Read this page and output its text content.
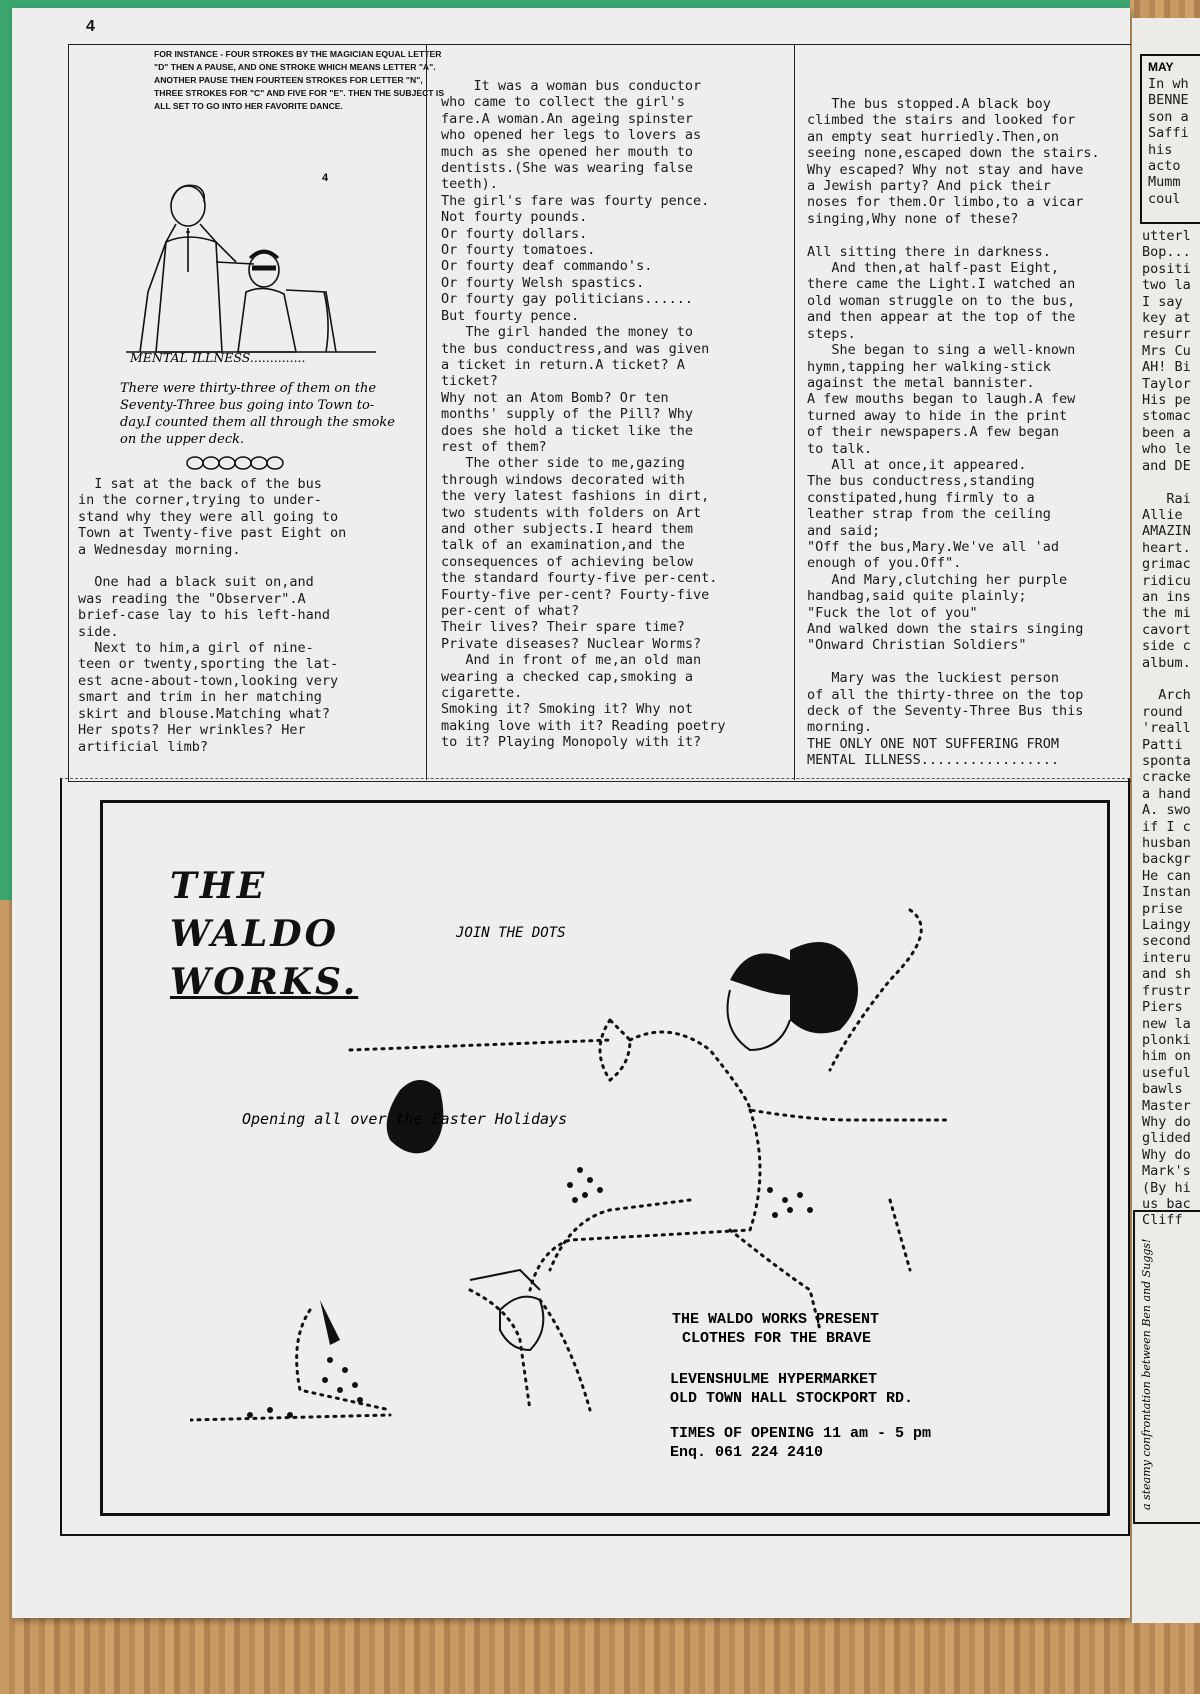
4
FOR INSTANCE - FOUR STROKES BY THE MAGICIAN EQUAL LETTER "D" THEN A PAUSE, AND ONE STROKE WHICH MEANS LETTER "A". ANOTHER PAUSE THEN FOURTEEN STROKES FOR LETTER "N", THREE STROKES FOR "C" AND FIVE FOR "E". THEN THE SUBJECT IS ALL SET TO GO INTO HER FAVORITE DANCE.
4
MENTAL ILLNESS..............
There were thirty-three of them on the Seventy-Three bus going into Town to-day.I counted them all through the smoke on the upper deck.
I sat at the back of the bus
in the corner,trying to under-
stand why they were all going to
Town at Twenty-five past Eight on
a Wednesday morning.

One had a black suit on,and
was reading the "Observer".A
brief-case lay to his left-hand
side.
Next to him,a girl of nine-
teen or twenty,sporting the lat-
est acne-about-town,looking very
smart and trim in her matching
skirt and blouse.Matching what?
Her spots? Her wrinkles? Her
artificial limb?
It was a woman bus conductor
who came to collect the girl's
fare.A woman.An ageing spinster
who opened her legs to lovers as
much as she opened her mouth to
dentists.(She was wearing false
teeth).
The girl's fare was fourty pence.
Not fourty pounds.
Or fourty dollars.
Or fourty tomatoes.
Or fourty deaf commando's.
Or fourty Welsh spastics.
Or fourty gay politicians......
But fourty pence.
The girl handed the money to
the bus conductress,and was given
a ticket in return.A ticket? A
ticket?
Why not an Atom Bomb? Or ten
months' supply of the Pill? Why
does she hold a ticket like the
rest of them?
The other side to me,gazing
through windows decorated with
the very latest fashions in dirt,
two students with folders on Art
and other subjects.I heard them
talk of an examination,and the
consequences of achieving below
the standard fourty-five per-cent.
Fourty-five per-cent? Fourty-five
per-cent of what?
Their lives? Their spare time?
Private diseases? Nuclear Worms?
And in front of me,an old man
wearing a checked cap,smoking a
cigarette.
Smoking it? Smoking it? Why not
making love with it? Reading poetry
to it? Playing Monopoly with it?
The bus stopped.A black boy
climbed the stairs and looked for
an empty seat hurriedly.Then,on
seeing none,escaped down the stairs.
Why escaped? Why not stay and have
a Jewish party? And pick their
noses for them.Or limbo,to a vicar
singing,Why none of these?

All sitting there in darkness.
And then,at half-past Eight,
there came the Light.I watched an
old woman struggle on to the bus,
and then appear at the top of the
steps.
She began to sing a well-known
hymn,tapping her walking-stick
against the metal bannister.
A few mouths began to laugh.A few
turned away to hide in the print
of their newspapers.A few began
to talk.
All at once,it appeared.
The bus conductress,standing
constipated,hung firmly to a
leather strap from the ceiling
and said;
"Off the bus,Mary.We've all 'ad
enough of you.Off".
And Mary,clutching her purple
handbag,said quite plainly;
"Fuck the lot of you"
And walked down the stairs singing
"Onward Christian Soldiers"

Mary was the luckiest person
of all the thirty-three on the top
deck of the Seventy-Three Bus this
morning.
THE ONLY ONE NOT SUFFERING FROM
MENTAL ILLNESS.................
MAY
In wh
BENNE
son a
Saffi
his
acto
Mumm
coul
utterl
Bop...
positi
two la
I say
key at
resurr
Mrs Cu
AH! Bi
Taylor
His pe
stomac
been a
who le
and DE

Rai
Allie
AMAZIN
heart.
grimac
ridicu
an ins
the mi
cavort
side c
album.

Arch
round
'reall
Patti
sponta
cracke
a hand
A. swo
if I c
husban
backgr
He can
Instan
prise
Laingy
second
interu
and sh
frustr
Piers
new la
plonki
him on
useful
bawls
Master
Why do
glided
Why do
Mark's
(By hi
us bac
Cliff
a steamy confrontation between Ben and Suggs!
THE
WALDO
WORKS.
JOIN THE DOTS
Opening all over the Easter Holidays
THE WALDO WORKS PRESENT
CLOTHES FOR THE BRAVE
LEVENSHULME HYPERMARKET
OLD TOWN HALL STOCKPORT RD.
TIMES OF OPENING 11 am - 5 pm
Enq. 061 224 2410
